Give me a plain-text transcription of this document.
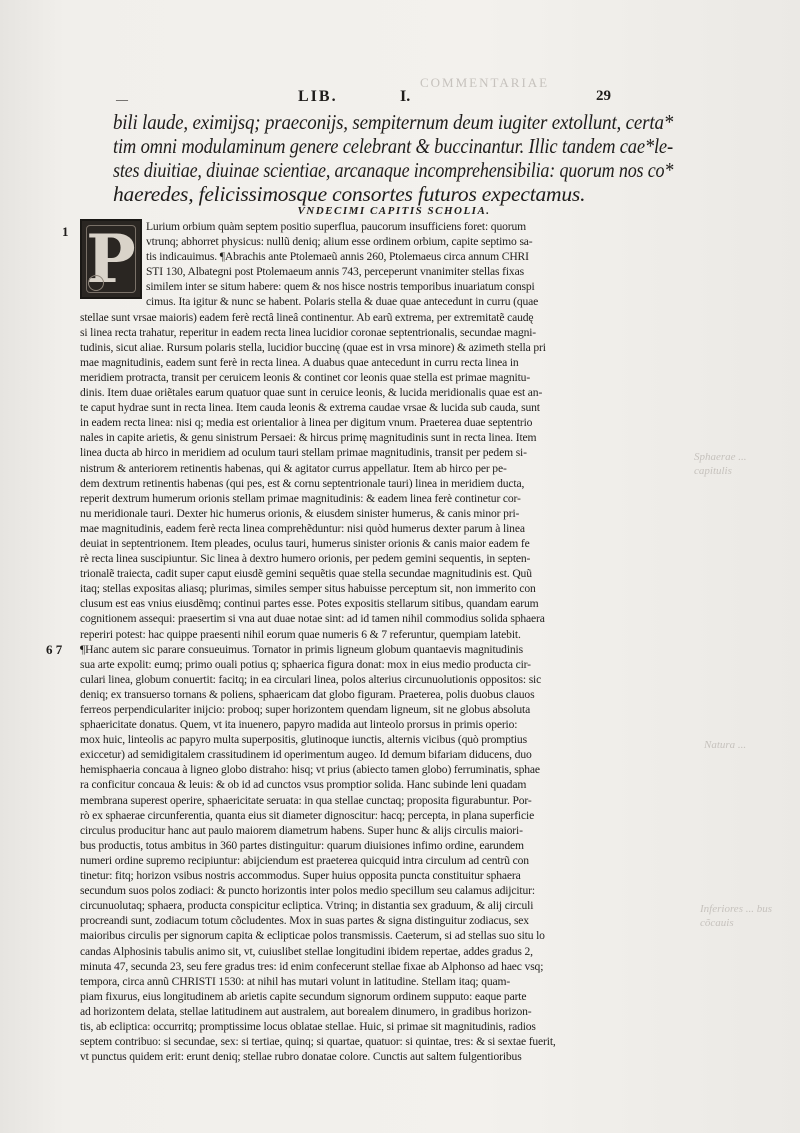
COMMENTARIAE
Sphaerae ... capitulis
Natura ...
Inferiores ... bus cõcauis
—	LIB.	I.	29

bili laude, eximijsq; praeconijs, sempiternum deum iugiter extollunt, certa*

tim omni modulaminum genere celebrant & buccinantur. Illic tandem cae*le-

stes diuitiae, diuinae scientiae, arcanaque incomprehensibilia: quorum nos co*

haeredes, felicissimosque consortes futuros expectamus.

VNDECIMI CAPITIS SCHOLIA.
1
6 7
Lurium orbium quàm septem positio superflua, paucorum insufficiens foret: quorum
vtrunq; abhorret physicus: nullũ deniq; alium esse ordinem orbium, capite septimo sa-
tis indicauimus. ¶Abrachis ante Ptolemaeũ annis 260, Ptolemaeus circa annum CHRI
STI 130, Albategni post Ptolemaeum annis 743, perceperunt vnanimiter stellas fixas
similem inter se situm habere: quem & nos hisce nostris temporibus inuariatum conspi
cimus. Ita igitur & nunc se habent. Polaris stella & duae quae antecedunt in curru (quae
stellae sunt vrsae maioris) eadem ferè rectâ lineâ continentur. Ab earũ extrema, per extremitatẽ caudę
si linea recta trahatur, reperitur in eadem recta linea lucidior coronae septentrionalis, secundae magni-
tudinis, sicut aliae. Rursum polaris stella, lucidior buccinę (quae est in vrsa minore) & azimeth stella pri
mae magnitudinis, eadem sunt ferè in recta linea. A duabus quae antecedunt in curru recta linea in
meridiem protracta, transit per ceruicem leonis & continet cor leonis quae stella est primae magnitu-
dinis. Item duae oriẽtales earum quatuor quae sunt in ceruice leonis, & lucida meridionalis quae est an-
te caput hydrae sunt in recta linea. Item cauda leonis & extrema caudae vrsae & lucida sub cauda, sunt
in eadem recta linea: nisi q; media est orientalior à linea per digitum vnum. Praeterea duae septentrio
nales in capite arietis, & genu sinistrum Persaei: & hircus primę magnitudinis sunt in recta linea. Item
linea ducta ab hirco in meridiem ad oculum tauri stellam primae magnitudinis, transit per pedem si-
nistrum & anteriorem retinentis habenas, qui & agitator currus appellatur. Item ab hirco per pe-
dem dextrum retinentis habenas (qui pes, est & cornu septentrionale tauri) linea in meridiem ducta,
reperit dextrum humerum orionis stellam primae magnitudinis: & eadem linea ferè continetur cor-
nu meridionale tauri. Dexter hic humerus orionis, & eiusdem sinister humerus, & canis minor pri-
mae magnitudinis, eadem ferè recta linea comprehẽduntur: nisi quòd humerus dexter parum à linea
deuiat in septentrionem. Item pleades, oculus tauri, humerus sinister orionis & canis maior eadem fe
rè recta linea suscipiuntur. Sic linea à dextro humero orionis, per pedem gemini sequentis, in septen-
trionalẽ traiecta, cadit super caput eiusdẽ gemini sequẽtis quae stella secundae magnitudinis est. Quũ
itaq; stellas expositas aliasq; plurimas, similes semper situs habuisse perceptum sit, non immerito con
clusum est eas vnius eiusdẽmq; continui partes esse. Potes expositis stellarum sitibus, quandam earum
cognitionem assequi: praesertim si vna aut duae notae sint: ad id tamen nihil commodius solida sphaera
reperiri potest: hac quippe praesenti nihil eorum quae numeris 6 & 7 referuntur, quempiam latebit.
¶Hanc autem sic parare consueuimus. Tornator in primis ligneum globum quantaevis magnitudinis
sua arte expolit: eumq; primo ouali potius q; sphaerica figura donat: mox in eius medio producta cir-
culari linea, globum conuertit: facitq; in ea circulari linea, polos alterius circunuolutionis oppositos: sic
deniq; ex transuerso tornans & poliens, sphaericam dat globo figuram. Praeterea, polis duobus clauos
ferreos perpendiculariter inijcio: proboq; super horizontem quendam ligneum, sit ne globus absoluta
sphaericitate donatus. Quem, vt ita inuenero, papyro madida aut linteolo prorsus in primis operio:
mox huic, linteolis ac papyro multa superpositis, glutinoque iunctis, alternis vicibus (quò promptius
exiccetur) ad semidigitalem crassitudinem id operimentum augeo. Id demum bifariam diducens, duo
hemisphaeria concaua à ligneo globo distraho: hisq; vt prius (abiecto tamen globo) ferruminatis, sphae
ra conficitur concaua & leuis: & ob id ad cunctos vsus promptior solida. Hanc subinde leni quadam
membrana superest operire, sphaericitate seruata: in qua stellae cunctaq; proposita figurabuntur. Por-
rò ex sphaerae circunferentia, quanta eius sit diameter dignoscitur: hacq; percepta, in plana superficie
circulus producitur hanc aut paulo maiorem diametrum habens. Super hunc & alijs circulis maiori-
bus productis, totus ambitus in 360 partes distinguitur: quarum diuisiones infimo ordine, earundem
numeri ordine supremo recipiuntur: abijciendum est praeterea quicquid intra circulum ad centrũ con
tinetur: fitq; horizon vsibus nostris accommodus. Super huius opposita puncta constituitur sphaera
secundum suos polos zodiaci: & puncto horizontis inter polos medio specillum seu calamus adijcitur:
circunuolutaq; sphaera, producta conspicitur ecliptica. Vtrinq; in distantia sex graduum, & alij circuli
procreandi sunt, zodiacum totum cõcludentes. Mox in suas partes & signa distinguitur zodiacus, sex
maioribus circulis per signorum capita & eclipticae polos transmissis. Caeterum, si ad stellas suo situ lo
candas Alphosinis tabulis animo sit, vt, cuiuslibet stellae longitudini ibidem repertae, addes gradus 2,
minuta 47, secunda 23, seu fere gradus tres: id enim confecerunt stellae fixae ab Alphonso ad haec vsq;
tempora, circa annũ CHRISTI 1530: at nihil has mutari volunt in latitudine. Stellam itaq; quam-
piam fixurus, eius longitudinem ab arietis capite secundum signorum ordinem supputo: eaque parte
ad horizontem delata, stellae latitudinem aut australem, aut borealem dinumero, in gradibus horizon-
tis, ab ecliptica: occurritq; promptissime locus oblatae stellae. Huic, si primae sit magnitudinis, radios
septem contribuo: si secundae, sex: si tertiae, quinq; si quartae, quatuor: si quintae, tres: & si sextae fuerit,
vt punctus quidem erit: erunt deniq; stellae rubro donatae colore. Cunctis aut saltem fulgentioribus
P
